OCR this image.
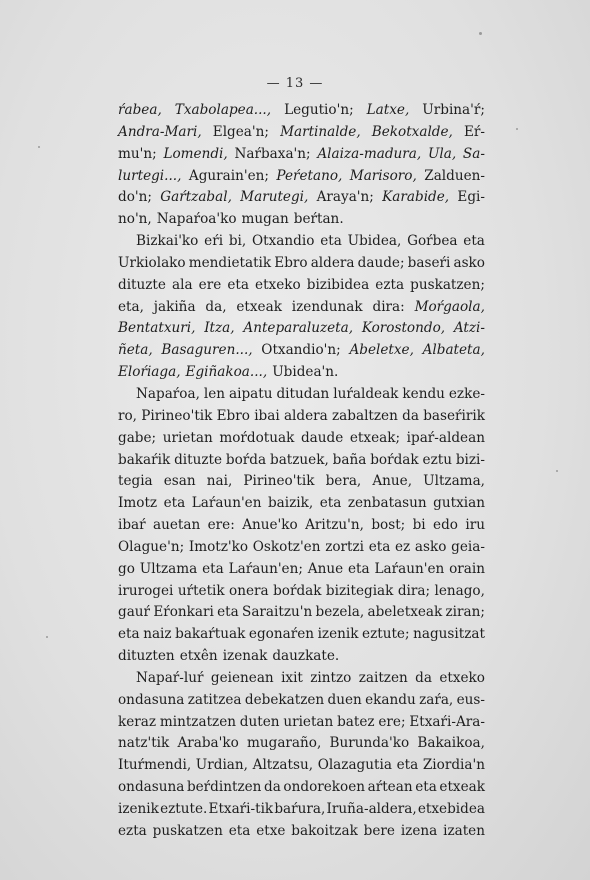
— 13 —
ŕabea, Txabolapea..., Legutio'n; Latxe, Urbina'ŕ;
Andra-Mari, Elgea'n; Martinalde, Bekotxalde, Eŕ-
mu'n; Lomendi, Naŕbaxa'n; Alaiza-madura, Ula, Sa-
lurtegi..., Agurain'en; Peŕetano, Marisoro, Zalduen-
do'n; Gaŕtzabal, Marutegi, Araya'n; Karabide, Egi-
no'n, Napaŕoa'ko mugan beŕtan.
Bizkai'ko eŕi bi, Otxandio eta Ubidea, Goŕbea eta
Urkiolako mendietatik Ebro aldera daude; baseŕi asko
dituzte ala ere eta etxeko bizibidea ezta puskatzen;
eta, jakiña da, etxeak izendunak dira: Moŕgaola,
Bentatxuri, Itza, Anteparaluzeta, Korostondo, Atzi-
ñeta, Basaguren..., Otxandio'n; Abeletxe, Albateta,
Eloŕiaga, Egiñakoa..., Ubidea'n.
Napaŕoa, len aipatu ditudan luŕaldeak kendu ezke-
ro, Pirineo'tik Ebro ibai aldera zabaltzen da baseŕirik
gabe; urietan moŕdotuak daude etxeak; ipaŕ-aldean
bakaŕik dituzte boŕda batzuek, baña boŕdak eztu bizi-
tegia esan nai, Pirineo'tik bera, Anue, Ultzama,
Imotz eta Laŕaun'en baizik, eta zenbatasun gutxian
ibaŕ auetan ere: Anue'ko Aritzu'n, bost; bi edo iru
Olague'n; Imotz'ko Oskotz'en zortzi eta ez asko geia-
go Ultzama eta Laŕaun'en; Anue eta Laŕaun'en orain
irurogei uŕtetik onera boŕdak bizitegiak dira; lenago,
gauŕ Eŕonkari eta Saraitzu'n bezela, abeletxeak ziran;
eta naiz bakaŕtuak egonaŕen izenik eztute; nagusitzat
dituzten etxên izenak dauzkate.
Napaŕ-luŕ geienean ixit zintzo zaitzen da etxeko
ondasuna zatitzea debekatzen duen ekandu zaŕa, eus-
keraz mintzatzen duten urietan batez ere; Etxaŕi-Ara-
natz'tik Araba'ko mugaraño, Burunda'ko Bakaikoa,
Ituŕmendi, Urdian, Altzatsu, Olazagutia eta Ziordia'n
ondasuna beŕdintzen da ondorekoen aŕtean eta etxeak
izenik eztute. Etxaŕi-tik baŕura, Iruña-aldera, etxebidea
ezta puskatzen eta etxe bakoitzak bere izena izaten
